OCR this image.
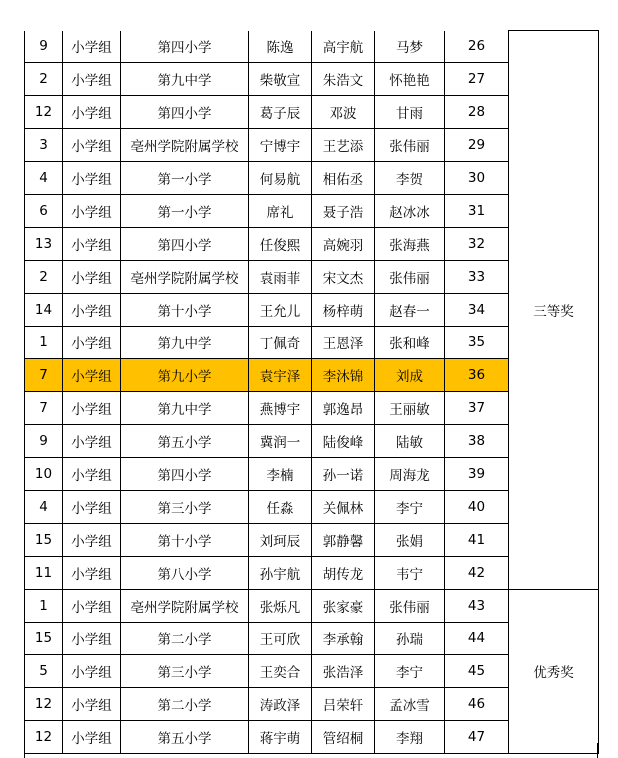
9	小学组	第四小学	陈逸	高宇航	马梦	26	三等奖
2	小学组	第九中学	柴敬宣	朱浩文	怀艳艳	27	
12	小学组	第四小学	葛子辰	邓波	甘雨	28	
3	小学组	亳州学院附属学校	宁博宇	王艺添	张伟丽	29	
4	小学组	第一小学	何易航	相佑丞	李贺	30	
6	小学组	第一小学	席礼	聂子浩	赵冰冰	31	
13	小学组	第四小学	任俊熙	高婉羽	张海燕	32	
2	小学组	亳州学院附属学校	袁雨菲	宋文杰	张伟丽	33	
14	小学组	第十小学	王允儿	杨梓萌	赵春一	34	
1	小学组	第九中学	丁佩奇	王恩泽	张和峰	35	
7	小学组	第九小学	袁宇泽	李沐锦	刘成	36	
7	小学组	第九中学	燕博宇	郭逸昂	王丽敏	37	
9	小学组	第五小学	冀润一	陆俊峰	陆敏	38	
10	小学组	第四小学	李楠	孙一诺	周海龙	39	
4	小学组	第三小学	任淼	关佩林	李宁	40	
15	小学组	第十小学	刘珂辰	郭静馨	张娟	41	
11	小学组	第八小学	孙宇航	胡传龙	韦宁	42	
1	小学组	亳州学院附属学校	张烁凡	张家豪	张伟丽	43	优秀奖
15	小学组	第二小学	王可欣	李承翰	孙瑞	44	
5	小学组	第三小学	王奕合	张浩泽	李宁	45	
12	小学组	第二小学	涛政泽	吕荣轩	孟冰雪	46	
12	小学组	第五小学	蒋宇萌	管绍桐	李翔	47	
